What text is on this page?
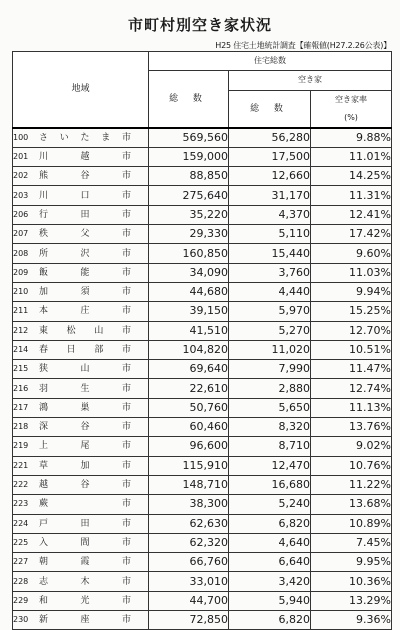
市町村別空き家状況
H25 住宅土地統計調査【確報値(H27.2.26公表)】
地域	住宅総数		
	総 数	空き家	
		総 数	空き家率
(%)
100 さいたま市	569,560	56,280	9.88%
201 川越市	159,000	17,500	11.01%
202 熊谷市	88,850	12,660	14.25%
203 川口市	275,640	31,170	11.31%
206 行田市	35,220	4,370	12.41%
207 秩父市	29,330	5,110	17.42%
208 所沢市	160,850	15,440	9.60%
209 飯能市	34,090	3,760	11.03%
210 加須市	44,680	4,440	9.94%
211 本庄市	39,150	5,970	15.25%
212 東松山市	41,510	5,270	12.70%
214 春日部市	104,820	11,020	10.51%
215 狭山市	69,640	7,990	11.47%
216 羽生市	22,610	2,880	12.74%
217 鴻巣市	50,760	5,650	11.13%
218 深谷市	60,460	8,320	13.76%
219 上尾市	96,600	8,710	9.02%
221 草加市	115,910	12,470	10.76%
222 越谷市	148,710	16,680	11.22%
223 蕨 市	38,300	5,240	13.68%
224 戸田市	62,630	6,820	10.89%
225 入間市	62,320	4,640	7.45%
227 朝霞市	66,760	6,640	9.95%
228 志木市	33,010	3,420	10.36%
229 和光市	44,700	5,940	13.29%
230 新座市	72,850	6,820	9.36%
